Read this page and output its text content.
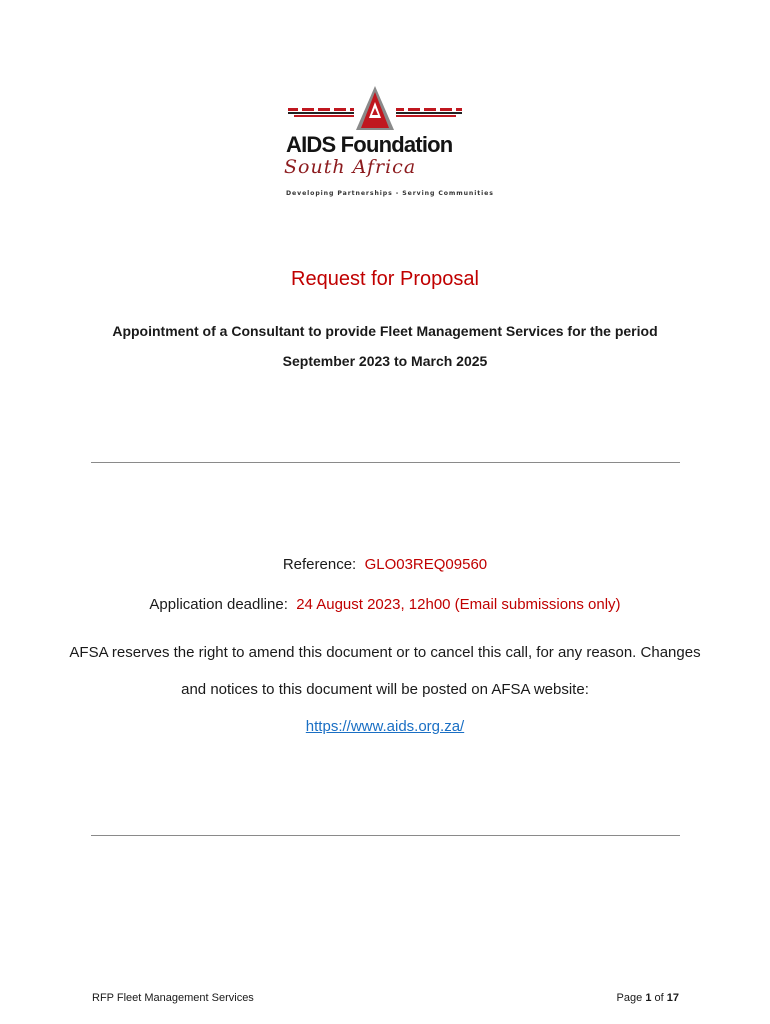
AIDS Foundation
South Africa
Developing Partnerships - Serving Communities
Request for Proposal
Appointment of a Consultant to provide Fleet Management Services for the period September 2023 to March 2025
Reference: GLO03REQ09560
Application deadline: 24 August 2023, 12h00 (Email submissions only)
AFSA reserves the right to amend this document or to cancel this call, for any reason. Changes and notices to this document will be posted on AFSA website:
https://www.aids.org.za/
RFP Fleet Management Services	Page 1 of 17
